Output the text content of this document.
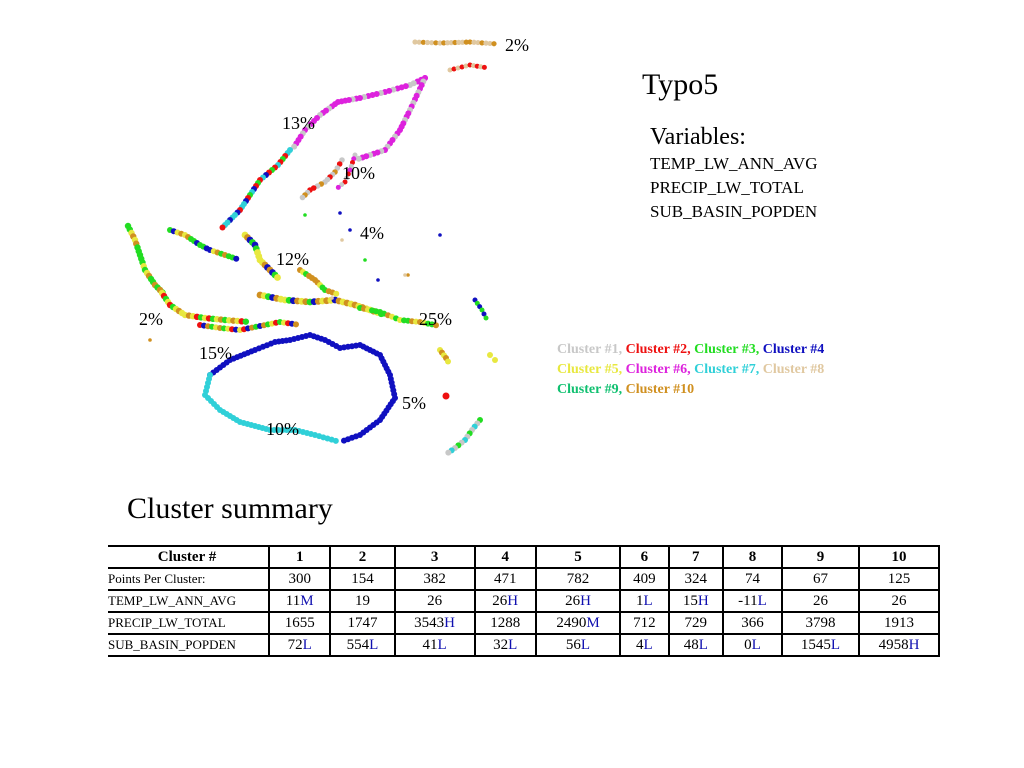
2%
13%
10%
4%
12%
2%	25%
15%
5%
10%
Typo5
Variables:
TEMP_LW_ANN_AVG
PRECIP_LW_TOTAL
SUB_BASIN_POPDEN
Cluster #1, Cluster #2, Cluster #3, Cluster #4
Cluster #5, Cluster #6, Cluster #7, Cluster #8
Cluster #9, Cluster #10
Cluster summary
Cluster #	1	2	3	4	5	6	7	8	9	10
Points Per Cluster:	300	154	382	471	782	409	324	74	67	125
TEMP_LW_ANN_AVG	11M	19	26	26H	26H	1L	15H	-11L	26	26
PRECIP_LW_TOTAL	1655	1747	3543H	1288	2490M	712	729	366	3798	1913
SUB_BASIN_POPDEN	72L	554L	41L	32L	56L	4L	48L	0L	1545L	4958H
